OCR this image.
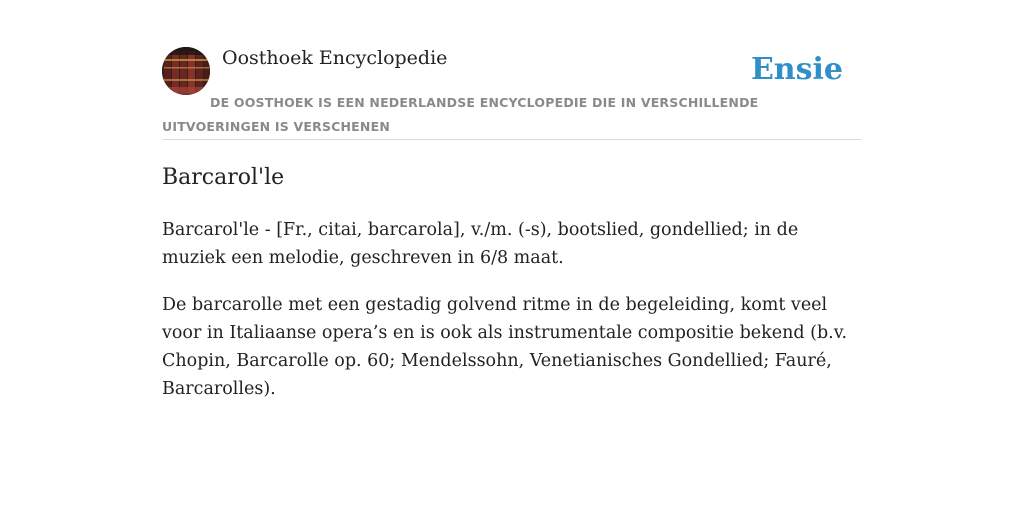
Oosthoek Encyclopedie	Ensie
DE OOSTHOEK IS EEN NEDERLANDSE ENCYCLOPEDIE DIE IN VERSCHILLENDE UITVOERINGEN IS VERSCHENEN
Barcarol'le

Barcarol'le - [Fr., citai, barcarola], v./m. (-s), bootslied, gondellied; in de muziek een melodie, geschreven in 6/8 maat.

De barcarolle met een gestadig golvend ritme in de begeleiding, komt veel voor in Italiaanse opera’s en is ook als instrumentale compositie bekend (b.v. Chopin, Barcarolle op. 60; Mendelssohn, Venetianisches Gondellied; Fauré, Barcarolles).
